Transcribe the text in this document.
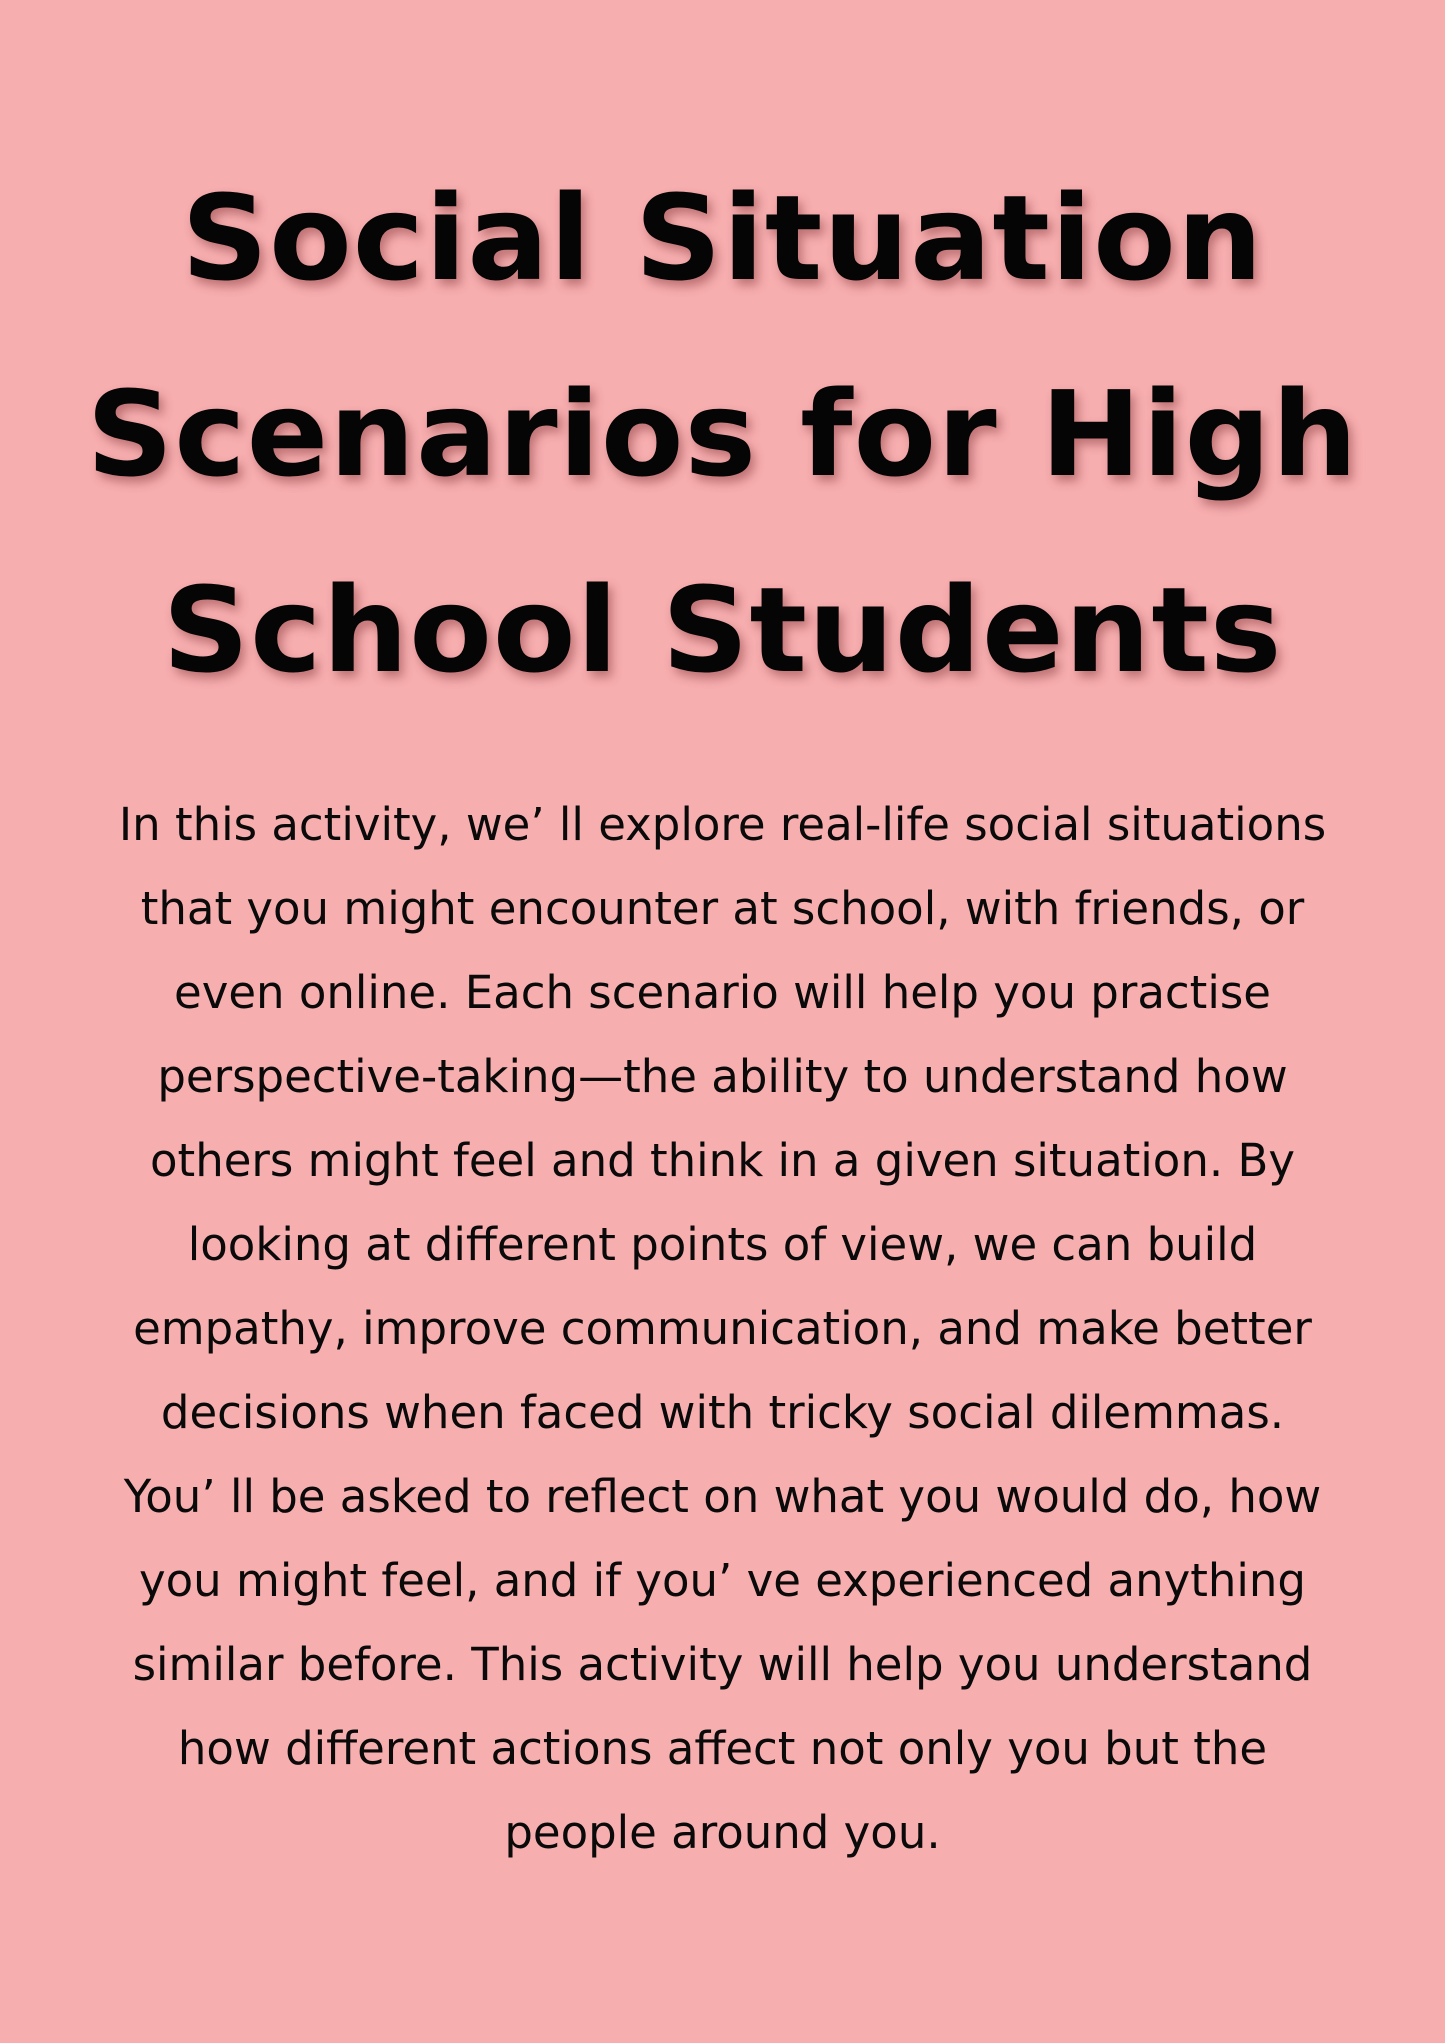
Social Situation
Scenarios for High
School Students

In this activity, we’ ll explore real-life social situations
that you might encounter at school, with friends, or
even online. Each scenario will help you practise
perspective-taking—the ability to understand how
others might feel and think in a given situation. By
looking at different points of view, we can build
empathy, improve communication, and make better
decisions when faced with tricky social dilemmas.
You’ ll be asked to reflect on what you would do, how
you might feel, and if you’ ve experienced anything
similar before. This activity will help you understand
how different actions affect not only you but the
people around you.
